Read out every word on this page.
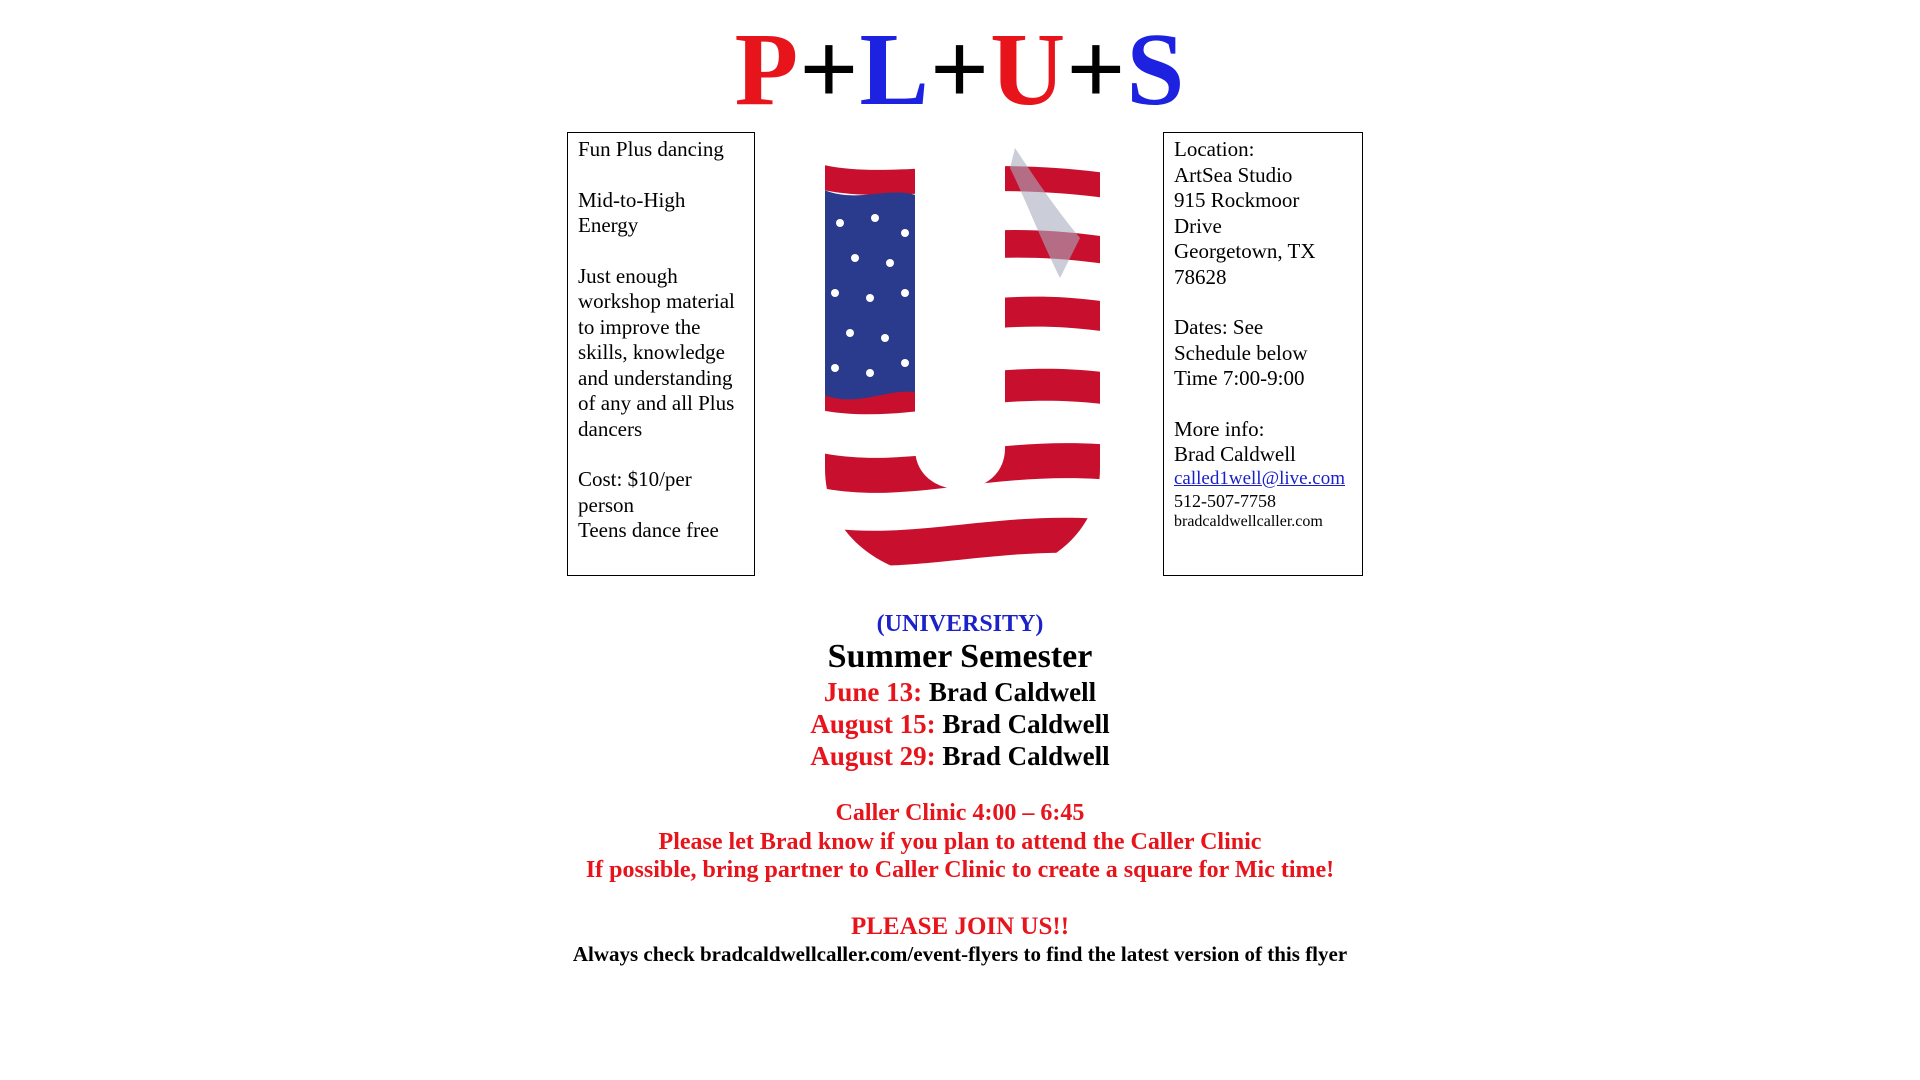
P+L+U+S

Fun Plus dancing

Mid-to-High

Energy

Just enough

workshop material

to improve the

skills, knowledge

and understanding

of any and all Plus

dancers

Cost: $10/per

person

Teens dance free

Location:

ArtSea Studio

915 Rockmoor

Drive

Georgetown, TX

78628

Dates: See

Schedule below

Time 7:00-9:00

More info:

Brad Caldwell

called1well@live.com

512-507-7758

bradcaldwellcaller.com

(UNIVERSITY)
Summer Semester
June 13: Brad Caldwell
August 15: Brad Caldwell
August 29: Brad Caldwell
Caller Clinic 4:00 – 6:45
Please let Brad know if you plan to attend the Caller Clinic
If possible, bring partner to Caller Clinic to create a square for Mic time!
PLEASE JOIN US!!
Always check bradcaldwellcaller.com/event-flyers to find the latest version of this flyer
